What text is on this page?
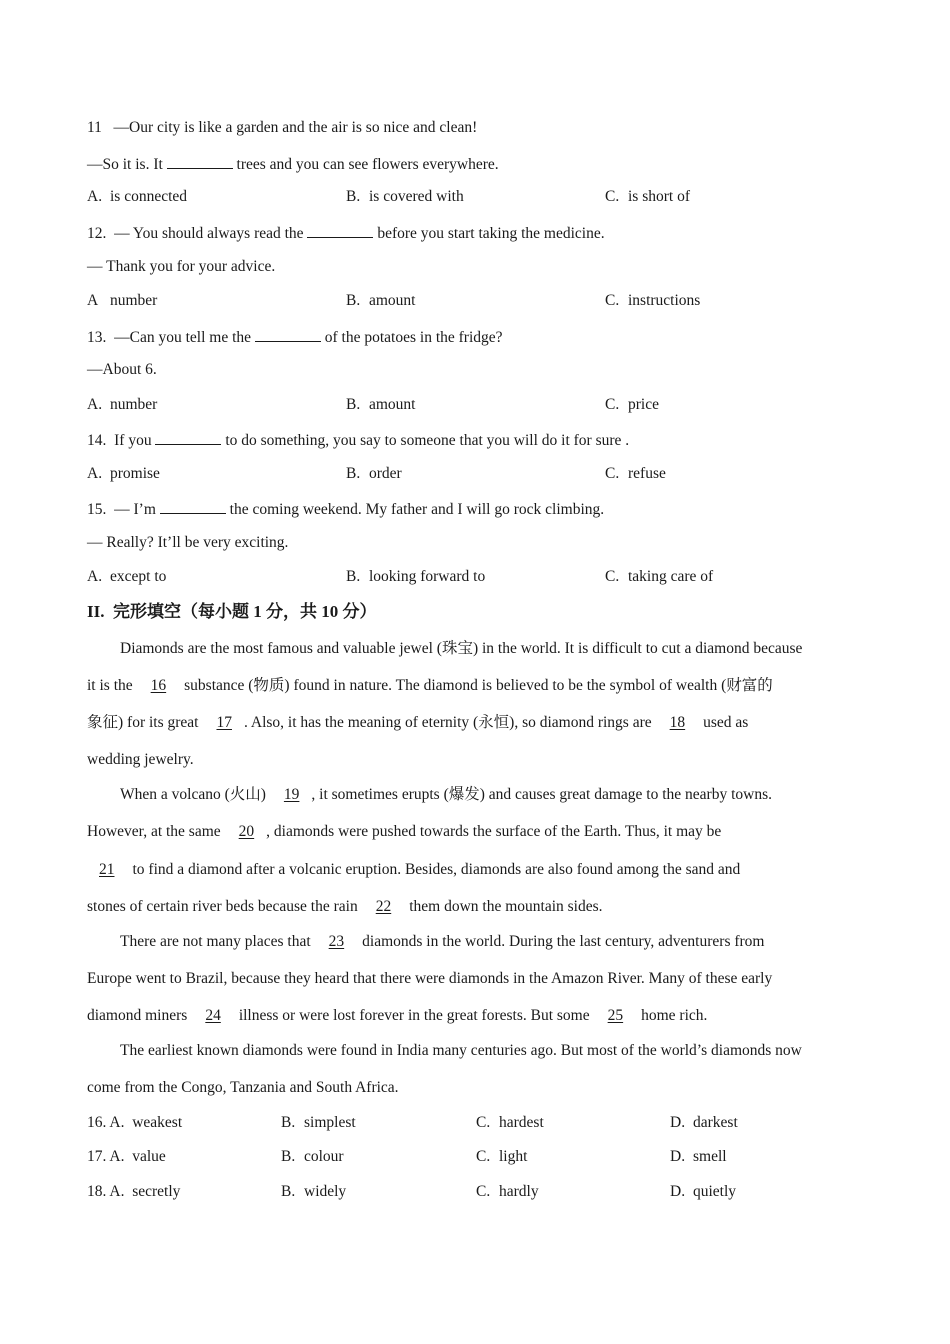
11   —Our city is like a garden and the air is so nice and clean!
—So it is. It	trees and you can see flowers everywhere.
A. is connected	B. is covered with	C. is short of
12.  — You should always read the	before you start taking the medicine.
— Thank you for your advice.
A number	B. amount	C. instructions
13.  —Can you tell me the	of the potatoes in the fridge?
—About 6.
A. number	B. amount	C. price
14.  If you	to do something, you say to someone that you will do it for sure .
A. promise	B. order	C. refuse
15.  — I’m	the coming weekend. My father and I will go rock climbing.
— Really? It’ll be very exciting.
A. except to	B. looking forward to	C. taking care of
II.  完形填空（每小题 1 分，共 10 分）
Diamonds are the most famous and valuable jewel (珠宝) in the world. It is difficult to cut a diamond because
it is the 16 substance (物质) found in nature. The diamond is believed to be the symbol of wealth (财富的
象征) for its great 17 . Also, it has the meaning of eternity (永恒), so diamond rings are 18 used as
wedding jewelry.
When a volcano (火山) 19 , it sometimes erupts (爆发) and causes great damage to the nearby towns.
However, at the same 20 , diamonds were pushed towards the surface of the Earth. Thus, it may be
21 to find a diamond after a volcanic eruption. Besides, diamonds are also found among the sand and
stones of certain river beds because the rain 22 them down the mountain sides.
There are not many places that 23 diamonds in the world. During the last century, adventurers from
Europe went to Brazil, because they heard that there were diamonds in the Amazon River. Many of these early
diamond miners 24 illness or were lost forever in the great forests. But some 25 home rich.
The earliest known diamonds were found in India many centuries ago. But most of the world’s diamonds now
come from the Congo, Tanzania and South Africa.
16. A. weakest	B. simplest	C. hardest	D. darkest
17. A. value	B. colour	C. light	D. smell
18. A. secretly	B. widely	C. hardly	D. quietly
